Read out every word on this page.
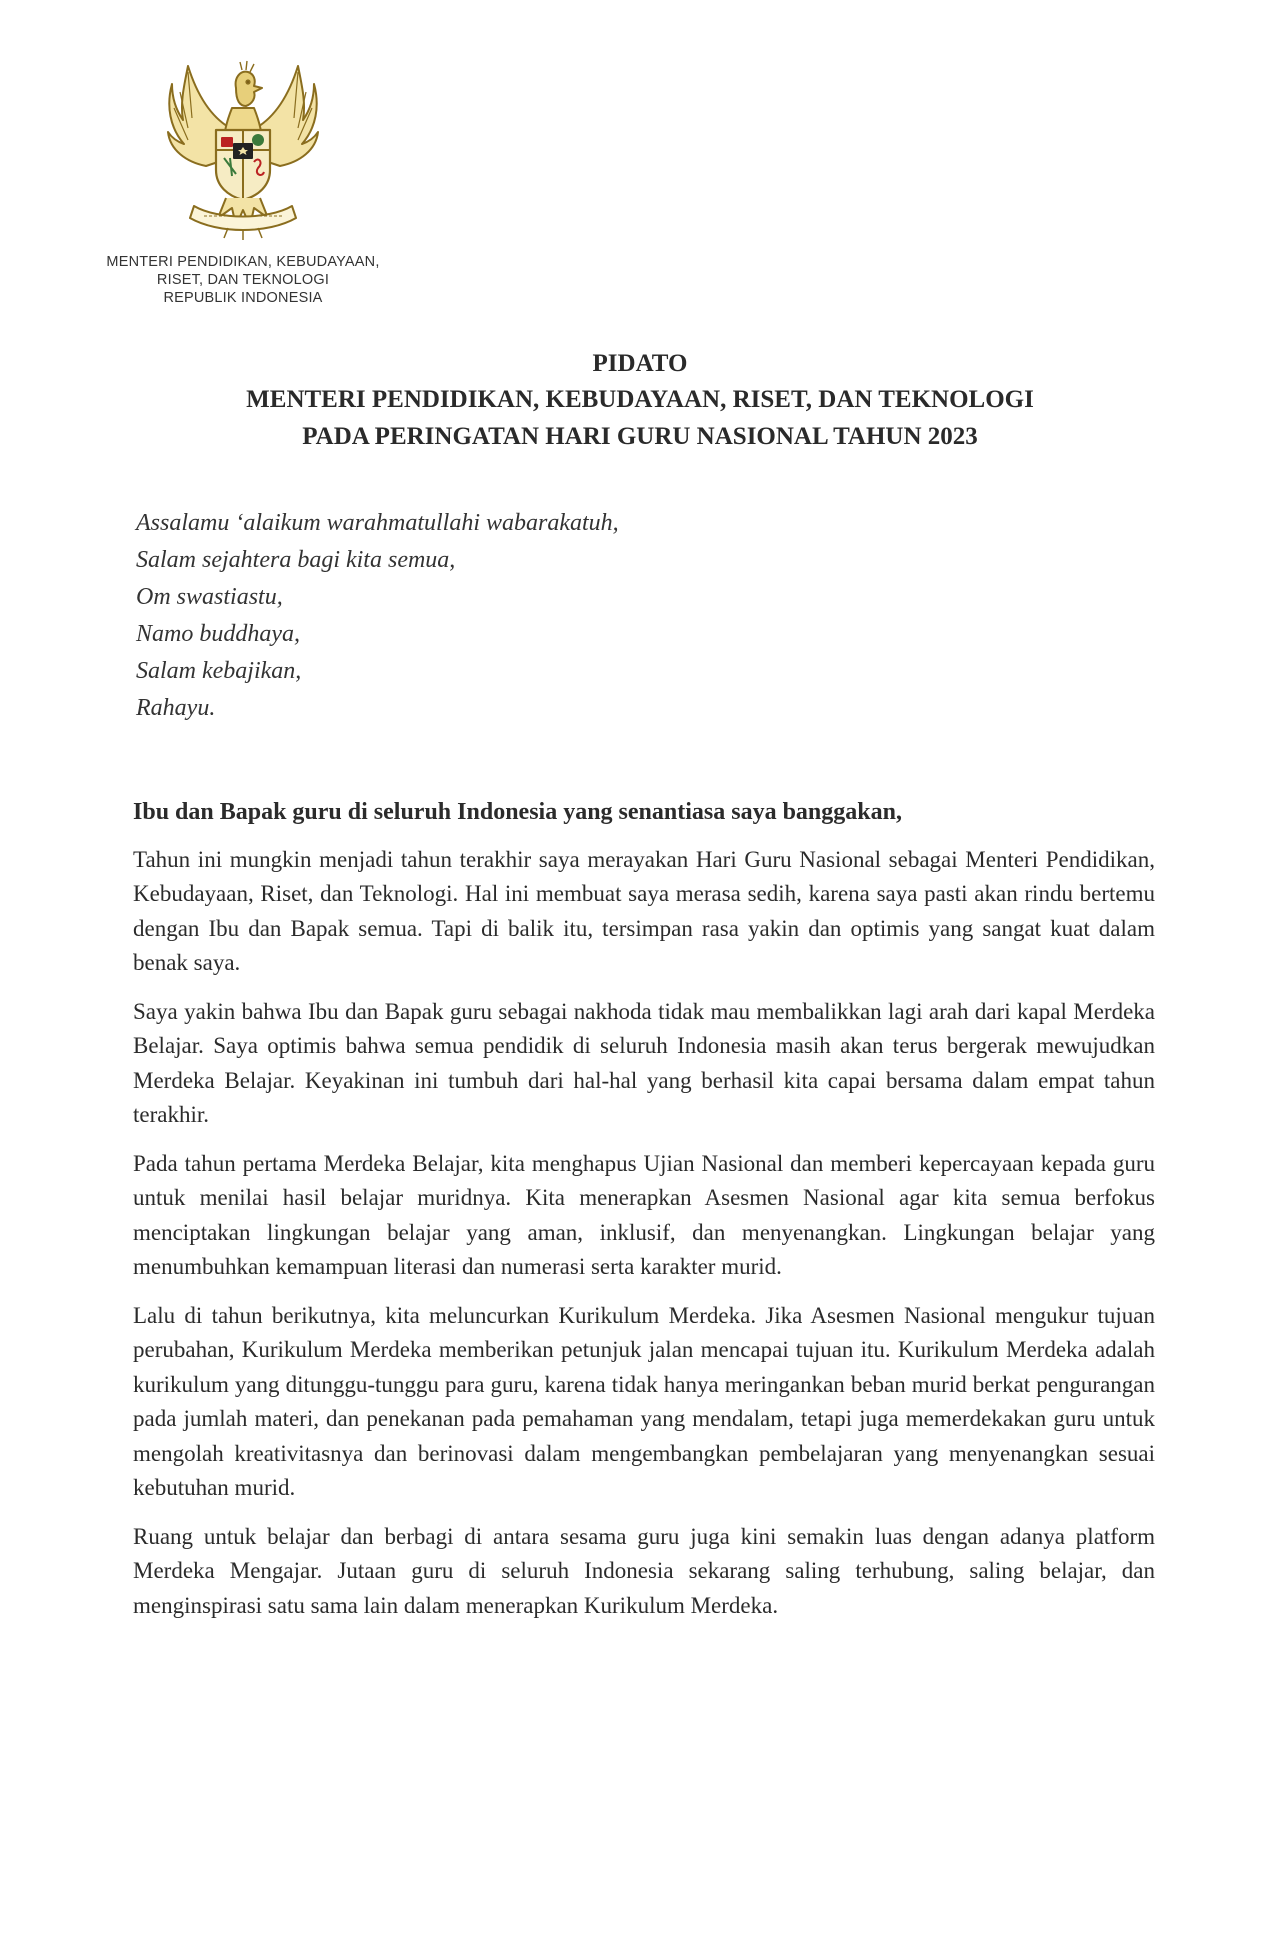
MENTERI PENDIDIKAN, KEBUDAYAAN,
RISET, DAN TEKNOLOGI
REPUBLIK INDONESIA
PIDATO
MENTERI PENDIDIKAN, KEBUDAYAAN, RISET, DAN TEKNOLOGI
PADA PERINGATAN HARI GURU NASIONAL TAHUN 2023
Assalamu ‘alaikum warahmatullahi wabarakatuh,
Salam sejahtera bagi kita semua,
Om swastiastu,
Namo buddhaya,
Salam kebajikan,
Rahayu.
Ibu dan Bapak guru di seluruh Indonesia yang senantiasa saya banggakan,

Tahun ini mungkin menjadi tahun terakhir saya merayakan Hari Guru Nasional sebagai Menteri Pendidikan, Kebudayaan, Riset, dan Teknologi. Hal ini membuat saya merasa sedih, karena saya pasti akan rindu bertemu dengan Ibu dan Bapak semua. Tapi di balik itu, tersimpan rasa yakin dan optimis yang sangat kuat dalam benak saya.

Saya yakin bahwa Ibu dan Bapak guru sebagai nakhoda tidak mau membalikkan lagi arah dari kapal Merdeka Belajar. Saya optimis bahwa semua pendidik di seluruh Indonesia masih akan terus bergerak mewujudkan Merdeka Belajar. Keyakinan ini tumbuh dari hal-hal yang berhasil kita capai bersama dalam empat tahun terakhir.

Pada tahun pertama Merdeka Belajar, kita menghapus Ujian Nasional dan memberi kepercayaan kepada guru untuk menilai hasil belajar muridnya. Kita menerapkan Asesmen Nasional agar kita semua berfokus menciptakan lingkungan belajar yang aman, inklusif, dan menyenangkan. Lingkungan belajar yang menumbuhkan kemampuan literasi dan numerasi serta karakter murid.

Lalu di tahun berikutnya, kita meluncurkan Kurikulum Merdeka. Jika Asesmen Nasional mengukur tujuan perubahan, Kurikulum Merdeka memberikan petunjuk jalan mencapai tujuan itu. Kurikulum Merdeka adalah kurikulum yang ditunggu-tunggu para guru, karena tidak hanya meringankan beban murid berkat pengurangan pada jumlah materi, dan penekanan pada pemahaman yang mendalam, tetapi juga memerdekakan guru untuk mengolah kreativitasnya dan berinovasi dalam mengembangkan pembelajaran yang menyenangkan sesuai kebutuhan murid.

Ruang untuk belajar dan berbagi di antara sesama guru juga kini semakin luas dengan adanya platform Merdeka Mengajar. Jutaan guru di seluruh Indonesia sekarang saling terhubung, saling belajar, dan menginspirasi satu sama lain dalam menerapkan Kurikulum Merdeka.
